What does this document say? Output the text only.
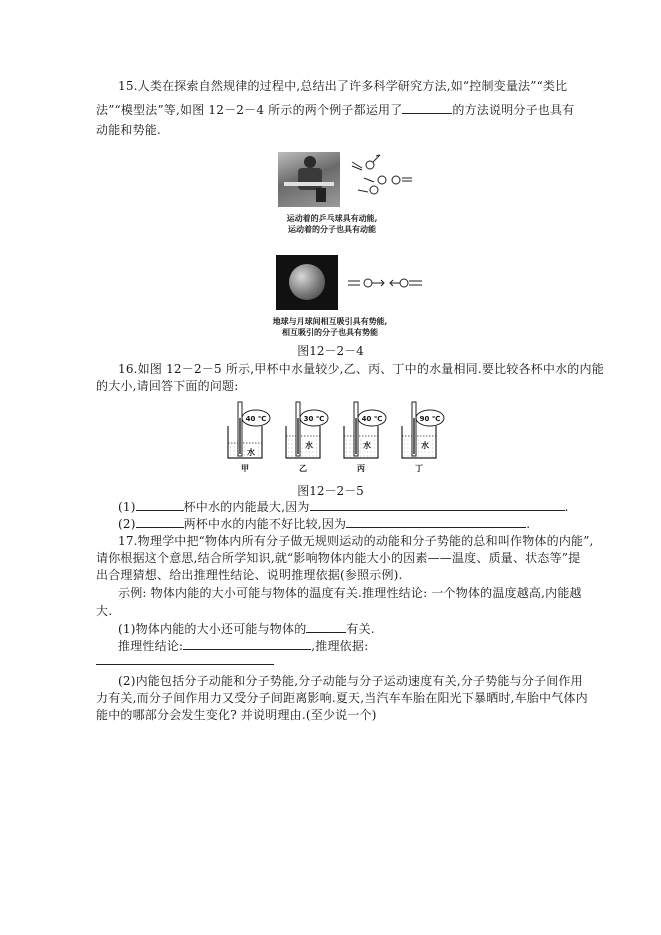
15.人类在探索自然规律的过程中,总结出了许多科学研究方法,如“控制变量法”“类比
法”“模型法”等,如图 12－2－4 所示的两个例子都运用了	的方法说明分子也具有
动能和势能.
运动着的乒乓球具有动能,
运动着的分子也具有动能
地球与月球间相互吸引具有势能,
相互吸引的分子也具有势能
图12－2－4
16.如图 12－2－5 所示,甲杯中水量较少,乙、丙、丁中的水量相同.要比较各杯中水的内能
的大小,请回答下面的问题:
40 ℃
水
甲
30 ℃
水
乙
40 ℃
水
丙
90 ℃
水
丁
图12－2－5
(1)	杯中水的内能最大,因为	.
(2)	两杯中水的内能不好比较,因为	.
17.物理学中把“物体内所有分子做无规则运动的动能和分子势能的总和叫作物体的内能”,
请你根据这个意思,结合所学知识,就“影响物体内能大小的因素——温度、质量、状态等”提
出合理猜想、给出推理性结论、说明推理依据(参照示例).
示例: 物体内能的大小可能与物体的温度有关.推理性结论: 一个物体的温度越高,内能越
大.
(1)物体内能的大小还可能与物体的	有关.
推理性结论:	,推理依据:
(2)内能包括分子动能和分子势能,分子动能与分子运动速度有关,分子势能与分子间作用
力有关,而分子间作用力又受分子间距离影响.夏天,当汽车车胎在阳光下暴晒时,车胎中气体内
能中的哪部分会发生变化? 并说明理由.(至少说一个)
